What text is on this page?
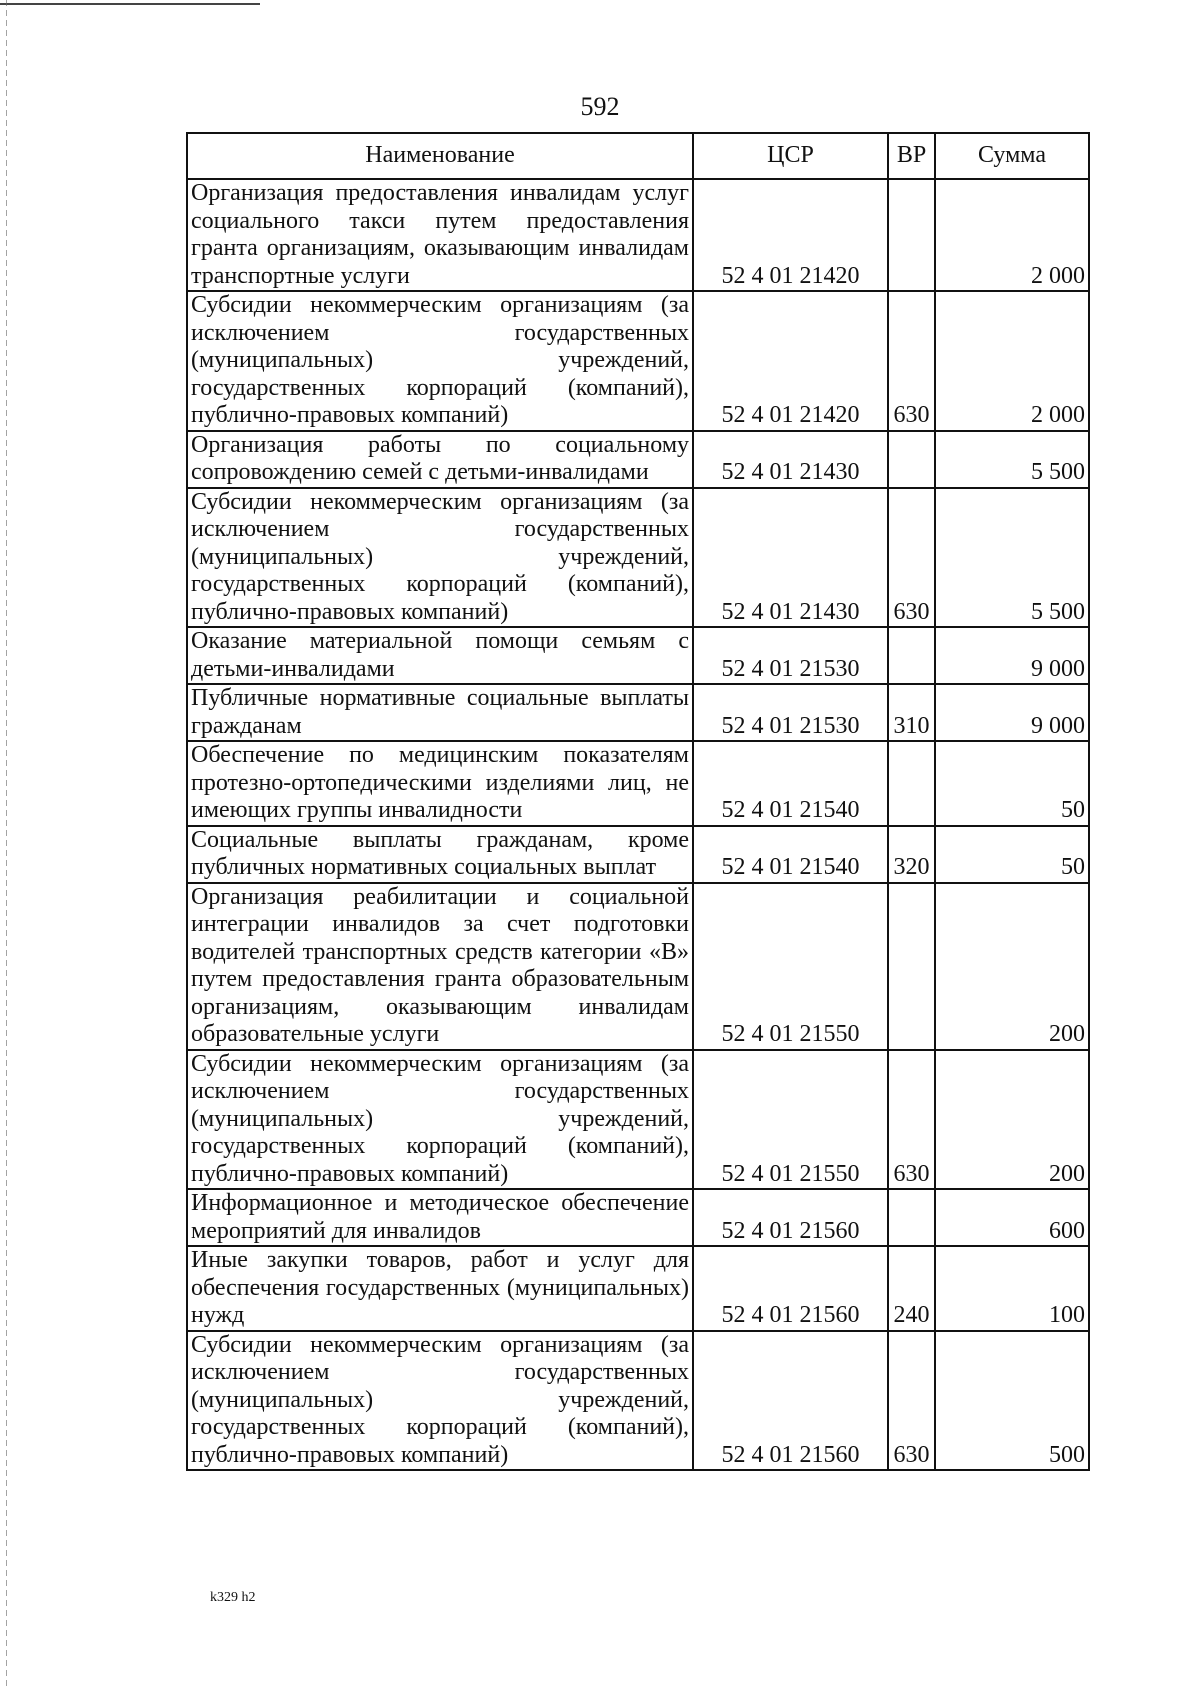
592
Наименование	ЦСР	ВР	Сумма
Организация предоставления инвалидам услуг социального такси путем предоставления гранта организациям, оказывающим инвалидам транспортные услуги	52 4 01 21420		2 000
Субсидии некоммерческим организациям (за исключением государственных (муниципальных) учреждений, государственных корпораций (компаний), публично-правовых компаний)	52 4 01 21420	630	2 000
Организация работы по социальному сопровождению семей с детьми-инвалидами	52 4 01 21430		5 500
Субсидии некоммерческим организациям (за исключением государственных (муниципальных) учреждений, государственных корпораций (компаний), публично-правовых компаний)	52 4 01 21430	630	5 500
Оказание материальной помощи семьям с детьми-инвалидами	52 4 01 21530		9 000
Публичные нормативные социальные выплаты гражданам	52 4 01 21530	310	9 000
Обеспечение по медицинским показателям протезно-ортопедическими изделиями лиц, не имеющих группы инвалидности	52 4 01 21540		50
Социальные выплаты гражданам, кроме публичных нормативных социальных выплат	52 4 01 21540	320	50
Организация реабилитации и социальной интеграции инвалидов за счет подготовки водителей транспортных средств категории «В» путем предоставления гранта образовательным организациям, оказывающим инвалидам образовательные услуги	52 4 01 21550		200
Субсидии некоммерческим организациям (за исключением государственных (муниципальных) учреждений, государственных корпораций (компаний), публично-правовых компаний)	52 4 01 21550	630	200
Информационное и методическое обеспечение мероприятий для инвалидов	52 4 01 21560		600
Иные закупки товаров, работ и услуг для обеспечения государственных (муниципальных) нужд	52 4 01 21560	240	100
Субсидии некоммерческим организациям (за исключением государственных (муниципальных) учреждений, государственных корпораций (компаний), публично-правовых компаний)	52 4 01 21560	630	500
k329 h2
